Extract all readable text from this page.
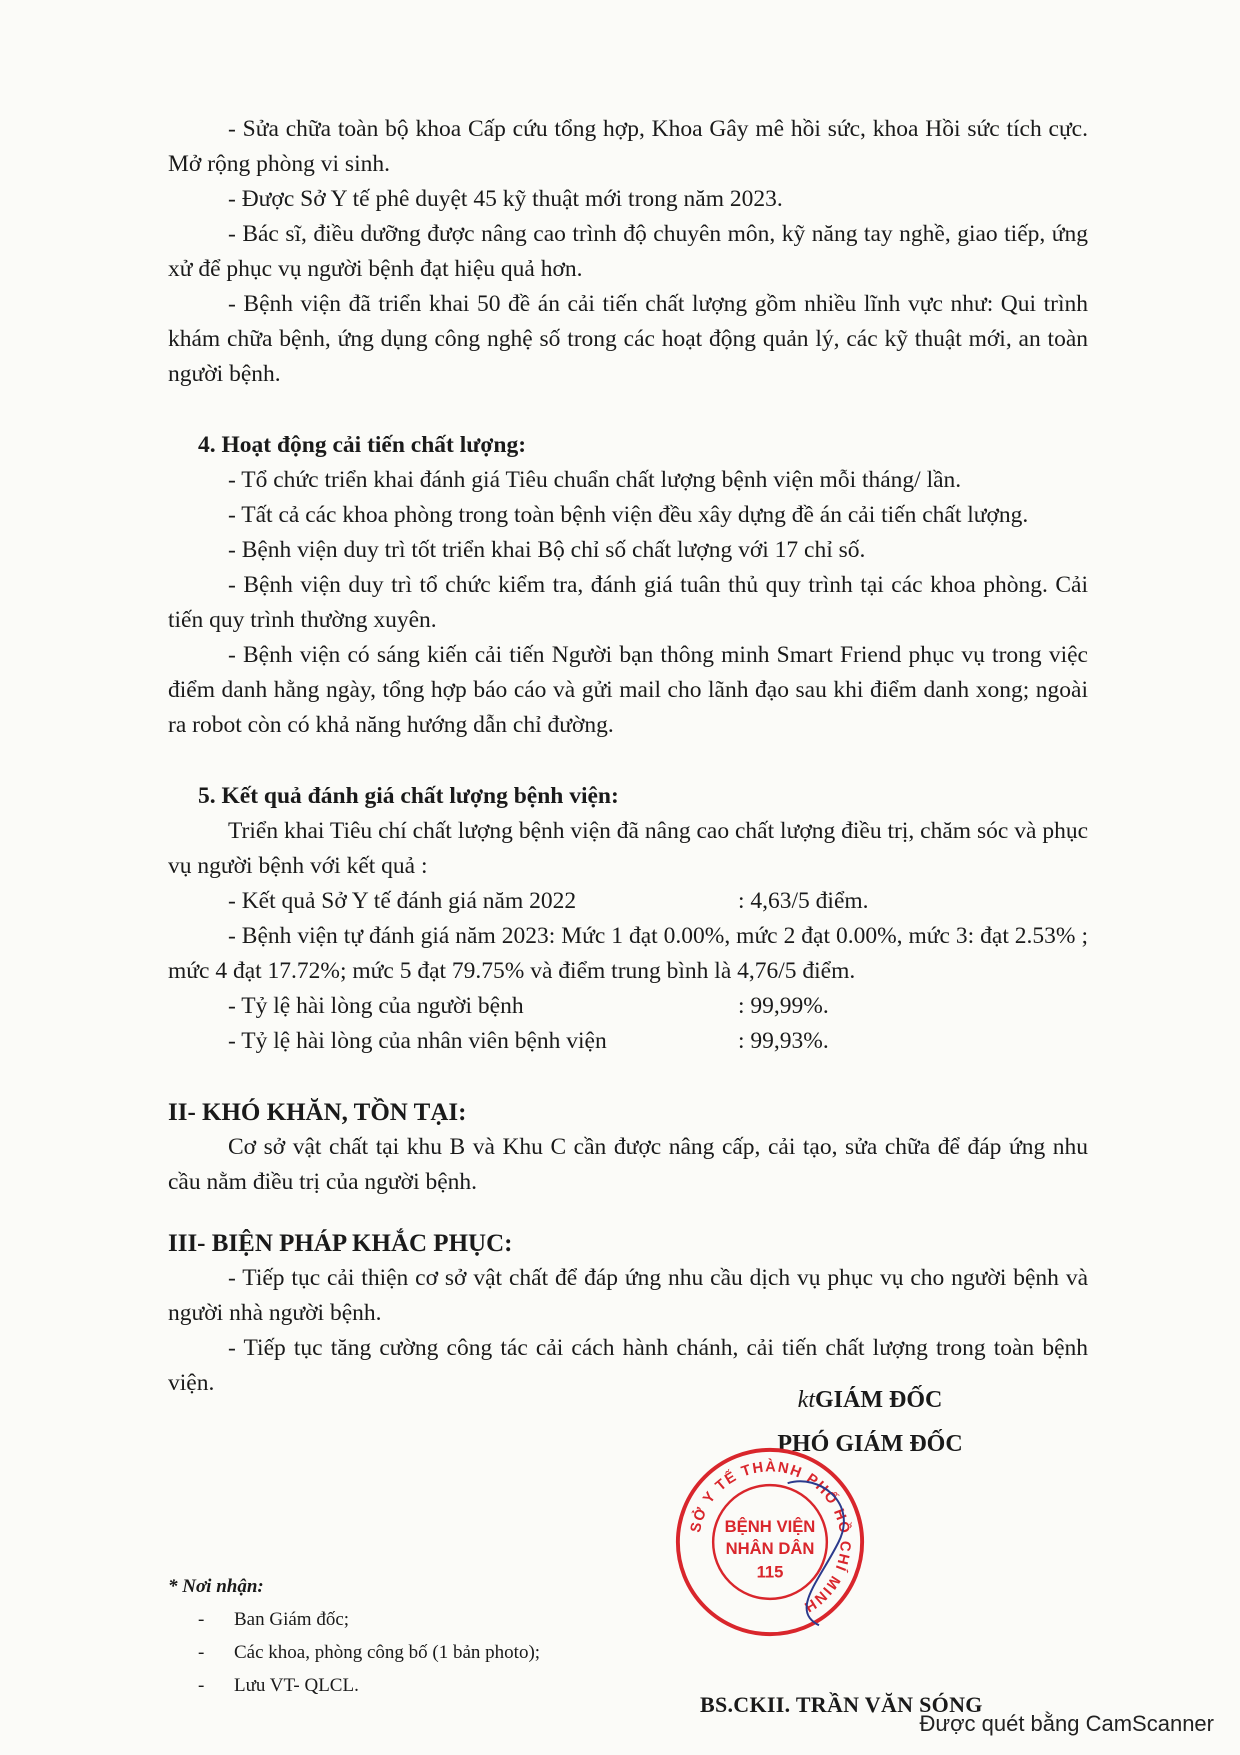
- Sửa chữa toàn bộ khoa Cấp cứu tổng hợp, Khoa Gây mê hồi sức, khoa Hồi sức tích cực. Mở rộng phòng vi sinh.

- Được Sở Y tế phê duyệt 45 kỹ thuật mới trong năm 2023.

- Bác sĩ, điều dưỡng được nâng cao trình độ chuyên môn, kỹ năng tay nghề, giao tiếp, ứng xử để phục vụ người bệnh đạt hiệu quả hơn.

- Bệnh viện đã triển khai 50 đề án cải tiến chất lượng gồm nhiều lĩnh vực như: Qui trình khám chữa bệnh, ứng dụng công nghệ số trong các hoạt động quản lý, các kỹ thuật mới, an toàn người bệnh.

4. Hoạt động cải tiến chất lượng:

- Tổ chức triển khai đánh giá Tiêu chuẩn chất lượng bệnh viện mỗi tháng/ lần.

- Tất cả các khoa phòng trong toàn bệnh viện đều xây dựng đề án cải tiến chất lượng.

- Bệnh viện duy trì tốt triển khai Bộ chỉ số chất lượng với 17 chỉ số.

- Bệnh viện duy trì tổ chức kiểm tra, đánh giá tuân thủ quy trình tại các khoa phòng. Cải tiến quy trình thường xuyên.

- Bệnh viện có sáng kiến cải tiến Người bạn thông minh Smart Friend phục vụ trong việc điểm danh hằng ngày, tổng hợp báo cáo và gửi mail cho lãnh đạo sau khi điểm danh xong; ngoài ra robot còn có khả năng hướng dẫn chỉ đường.

5. Kết quả đánh giá chất lượng bệnh viện:

Triển khai Tiêu chí chất lượng bệnh viện đã nâng cao chất lượng điều trị, chăm sóc và phục vụ người bệnh với kết quả :

- Kết quả Sở Y tế đánh giá năm 2022	: 4,63/5 điểm.

- Bệnh viện tự đánh giá năm 2023: Mức 1 đạt 0.00%, mức 2 đạt 0.00%, mức 3: đạt 2.53% ; mức 4 đạt 17.72%; mức 5 đạt 79.75% và điểm trung bình là 4,76/5 điểm.

- Tỷ lệ hài lòng của người bệnh	: 99,99%.
- Tỷ lệ hài lòng của nhân viên bệnh viện	: 99,93%.

II- KHÓ KHĂN, TỒN TẠI:

Cơ sở vật chất tại khu B và Khu C cần được nâng cấp, cải tạo, sửa chữa để đáp ứng nhu cầu nằm điều trị của người bệnh.

III- BIỆN PHÁP KHẮC PHỤC:

- Tiếp tục cải thiện cơ sở vật chất để đáp ứng nhu cầu dịch vụ phục vụ cho người bệnh và người nhà người bệnh.

- Tiếp tục tăng cường công tác cải cách hành chánh, cải tiến chất lượng trong toàn bệnh viện.

ktGIÁM ĐỐC
PHÓ GIÁM ĐỐC
SỞ Y TẾ THÀNH PHỐ HỒ CHÍ MINH
BỆNH VIỆN
NHÂN DÂN
115
BS.CKII. TRẦN VĂN SÓNG
* Nơi nhận:
-	Ban Giám đốc;
-	Các khoa, phòng công bố (1 bản photo);
-	Lưu VT- QLCL.
Được quét bằng CamScanner
